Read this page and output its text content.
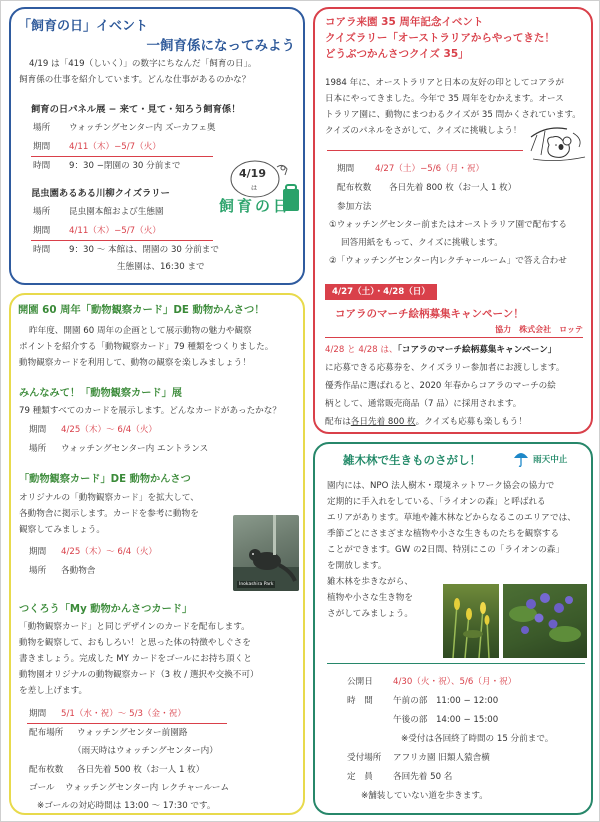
「飼育の日」イベント
一飼育係になってみよう
4/19 は「419（しいく）」の数字にちなんだ「飼育の日」。
飼育係の仕事を紹介しています。どんな仕事があるのかな？
飼育の日パネル展 − 来て・見て・知ろう飼育係！
場所	ウォッチングセンター内 ズーカフェ奥
期間	4/11（木）−5/7（火）
時間	9：30 −閉園の 30 分前まで
昆虫園あるある川柳クイズラリー
場所	昆虫園本館および生態園
期間	4/11（木）−5/7（火）
時間	9：30 〜 本館は、閉園の 30 分前まで
生態園は、16:30 まで
4/19
は
飼育の日
コアラ来園 35 周年記念イベント
クイズラリー「オーストラリアからやってきた！
どうぶつかんさつクイズ 35」
1984 年に、オーストラリアと日本の友好の印としてコアラが
日本にやってきました。今年で 35 周年をむかえます。オース
トラリア園に、動物にまつわるクイズが 35 問かくされています。
クイズのパネルをさがして、クイズに挑戦しよう！
期間	4/27（土）−5/6（月・祝）
配布枚数	各日先着 800 枚（お一人 1 枚）
参加方法
①ウォッチングセンター前またはオーストラリア園で配布する
回答用紙をもって、クイズに挑戦します。
②「ウォッチングセンター内レクチャールーム」で答え合わせ
4/27（土）・4/28（日）
コアラのマーチ絵柄募集キャンペーン！
協力　株式会社　ロッテ
4/28 と 4/28 は、「コアラのマーチ絵柄募集キャンペーン」
に応募できる応募券を、クイズラリー参加者にお渡しします。
優秀作品に選ばれると、2020 年春からコアラのマーチの絵
柄として、通常販売商品（7 品）に採用されます。
配布は各日先着 800 枚。クイズも応募も楽しもう！
開園 60 周年「動物観察カード」DE 動物かんさつ！
昨年度、開園 60 周年の企画として展示動物の魅力や観察
ポイントを紹介する「動物観察カード」79 種類をつくりました。
動物観察カードを利用して、動物の観察を楽しみましょう！
みんなみて！「動物観察カード」展
79 種類すべてのカードを展示します。どんなカードがあったかな？
期間	4/25（木）〜 6/4（火）
場所	ウォッチングセンター内 エントランス
「動物観察カード」DE 動物かんさつ
オリジナルの「動物観察カード」を拡大して、
各動物舎に掲示します。カードを参考に動物を
観察してみましょう。
期間	4/25（木）〜 6/4（火）
場所	各動物舎
Inokashira Park
つくろう「My 動物かんさつカード」
「動物観察カード」と同じデザインのカードを配布します。
動物を観察して、おもしろい！と思った体の特徴やしぐさを
書きましょう。完成した MY カードをゴールにお持ち頂くと
動物園オリジナルの動物観察カード（3 枚 / 選択や交換不可）
を差し上げます。
期間	5/1（水・祝）〜 5/3（金・祝）
配布場所	ウォッチングセンター前園路
（雨天時はウォッチングセンター内）
配布枚数	各日先着 500 枚（お一人 1 枚）
ゴール	ウォッチングセンター内 レクチャールーム
※ゴールの対応時間は 13:00 〜 17:30 です。
雑木林で生きものさがし！	雨天中止
園内には、NPO 法人樹木・環境ネットワーク協会の協力で
定期的に手入れをしている、「ライオンの森」と呼ばれる
エリアがあります。草地や雑木林などからなるこのエリアでは、
季節ごとにさまざまな植物や小さな生きものたちを観察する
ことができます。GW の2日間、特別にこの「ライオンの森」
を開放します。
雑木林を歩きながら、
植物や小さな生き物を
さがしてみましょう。
公開日	4/30（火・祝）、5/6（月・祝）
時　間	午前の部　11:00 − 12:00
午後の部　14:00 − 15:00
※受付は各回終了時間の 15 分前まで。
受付場所	アフリカ園 旧類人猿舎横
定　員	各回先着 50 名
※舗装していない道を歩きます。
